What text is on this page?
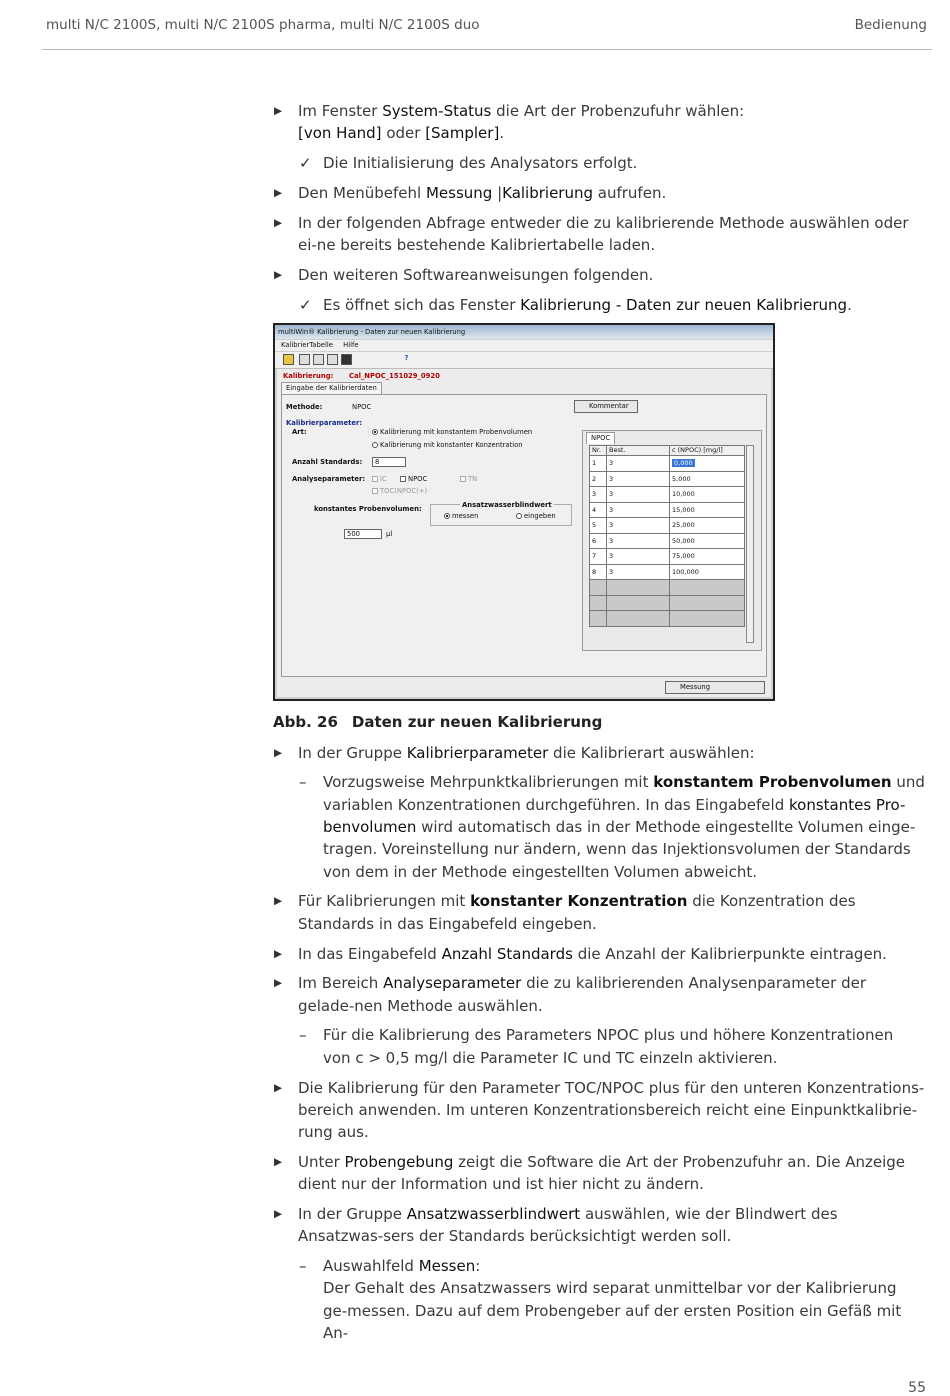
multi N/C 2100S, multi N/C 2100S pharma, multi N/C 2100S duo	Bedienung
▶ Im Fenster System-Status die Art der Probenzufuhr wählen:
[von Hand] oder [Sampler].
✓ Die Initialisierung des Analysators erfolgt.
▶ Den Menübefehl Messung |Kalibrierung aufrufen.
▶ In der folgenden Abfrage entweder die zu kalibrierende Methode auswählen oder ei-ne bereits bestehende Kalibriertabelle laden.
▶ Den weiteren Softwareanweisungen folgenden.
✓ Es öffnet sich das Fenster Kalibrierung - Daten zur neuen Kalibrierung.
multiWin® Kalibrierung - Daten zur neuen Kalibrierung
KalibrierTabelle Hilfe
?
Kalibrierung: Cal_NPOC_151029_0920
Eingabe der Kalibrierdaten
Methode:	NPOC	Kommentar
Kalibrierparameter:
Art:	Kalibrierung mit konstantem Probenvolumen
Kalibrierung mit konstanter Konzentration
Anzahl Standards:	8
Analyseparameter:	IC	NPOC	TN
TOC(NPOC(+)
konstantes Probenvolumen:
500	µl
Ansatzwasserblindwert
messen	eingeben
NPOC
Nr.	Best.	c (NPOC) [mg/l]
1	3	0,000
2	3	5,000
3	3	10,000
4	3	15,000
5	3	25,000
6	3	50,000
7	3	75,000
8	3	100,000

Messung
Abb. 26 Daten zur neuen Kalibrierung
▶ In der Gruppe Kalibrierparameter die Kalibrierart auswählen:
– Vorzugsweise Mehrpunktkalibrierungen mit konstantem Probenvolumen und variablen Konzentrationen durchgeführen. In das Eingabefeld konstantes Pro-benvolumen wird automatisch das in der Methode eingestellte Volumen einge-tragen. Voreinstellung nur ändern, wenn das Injektionsvolumen der Standards von dem in der Methode eingestellten Volumen abweicht.
▶ Für Kalibrierungen mit konstanter Konzentration die Konzentration des Standards in das Eingabefeld eingeben.
▶ In das Eingabefeld Anzahl Standards die Anzahl der Kalibrierpunkte eintragen.
▶ Im Bereich Analyseparameter die zu kalibrierenden Analysenparameter der gelade-nen Methode auswählen.
– Für die Kalibrierung des Parameters NPOC plus und höhere Konzentrationen von c > 0,5 mg/l die Parameter IC und TC einzeln aktivieren.
▶ Die Kalibrierung für den Parameter TOC/NPOC plus für den unteren Konzentrations-bereich anwenden. Im unteren Konzentrationsbereich reicht eine Einpunktkalibrie-rung aus.
▶ Unter Probengebung zeigt die Software die Art der Probenzufuhr an. Die Anzeige dient nur der Information und ist hier nicht zu ändern.
▶ In der Gruppe Ansatzwasserblindwert auswählen, wie der Blindwert des Ansatzwas-sers der Standards berücksichtigt werden soll.
– Auswahlfeld Messen:
Der Gehalt des Ansatzwassers wird separat unmittelbar vor der Kalibrierung ge-messen. Dazu auf dem Probengeber auf der ersten Position ein Gefäß mit An-
55
